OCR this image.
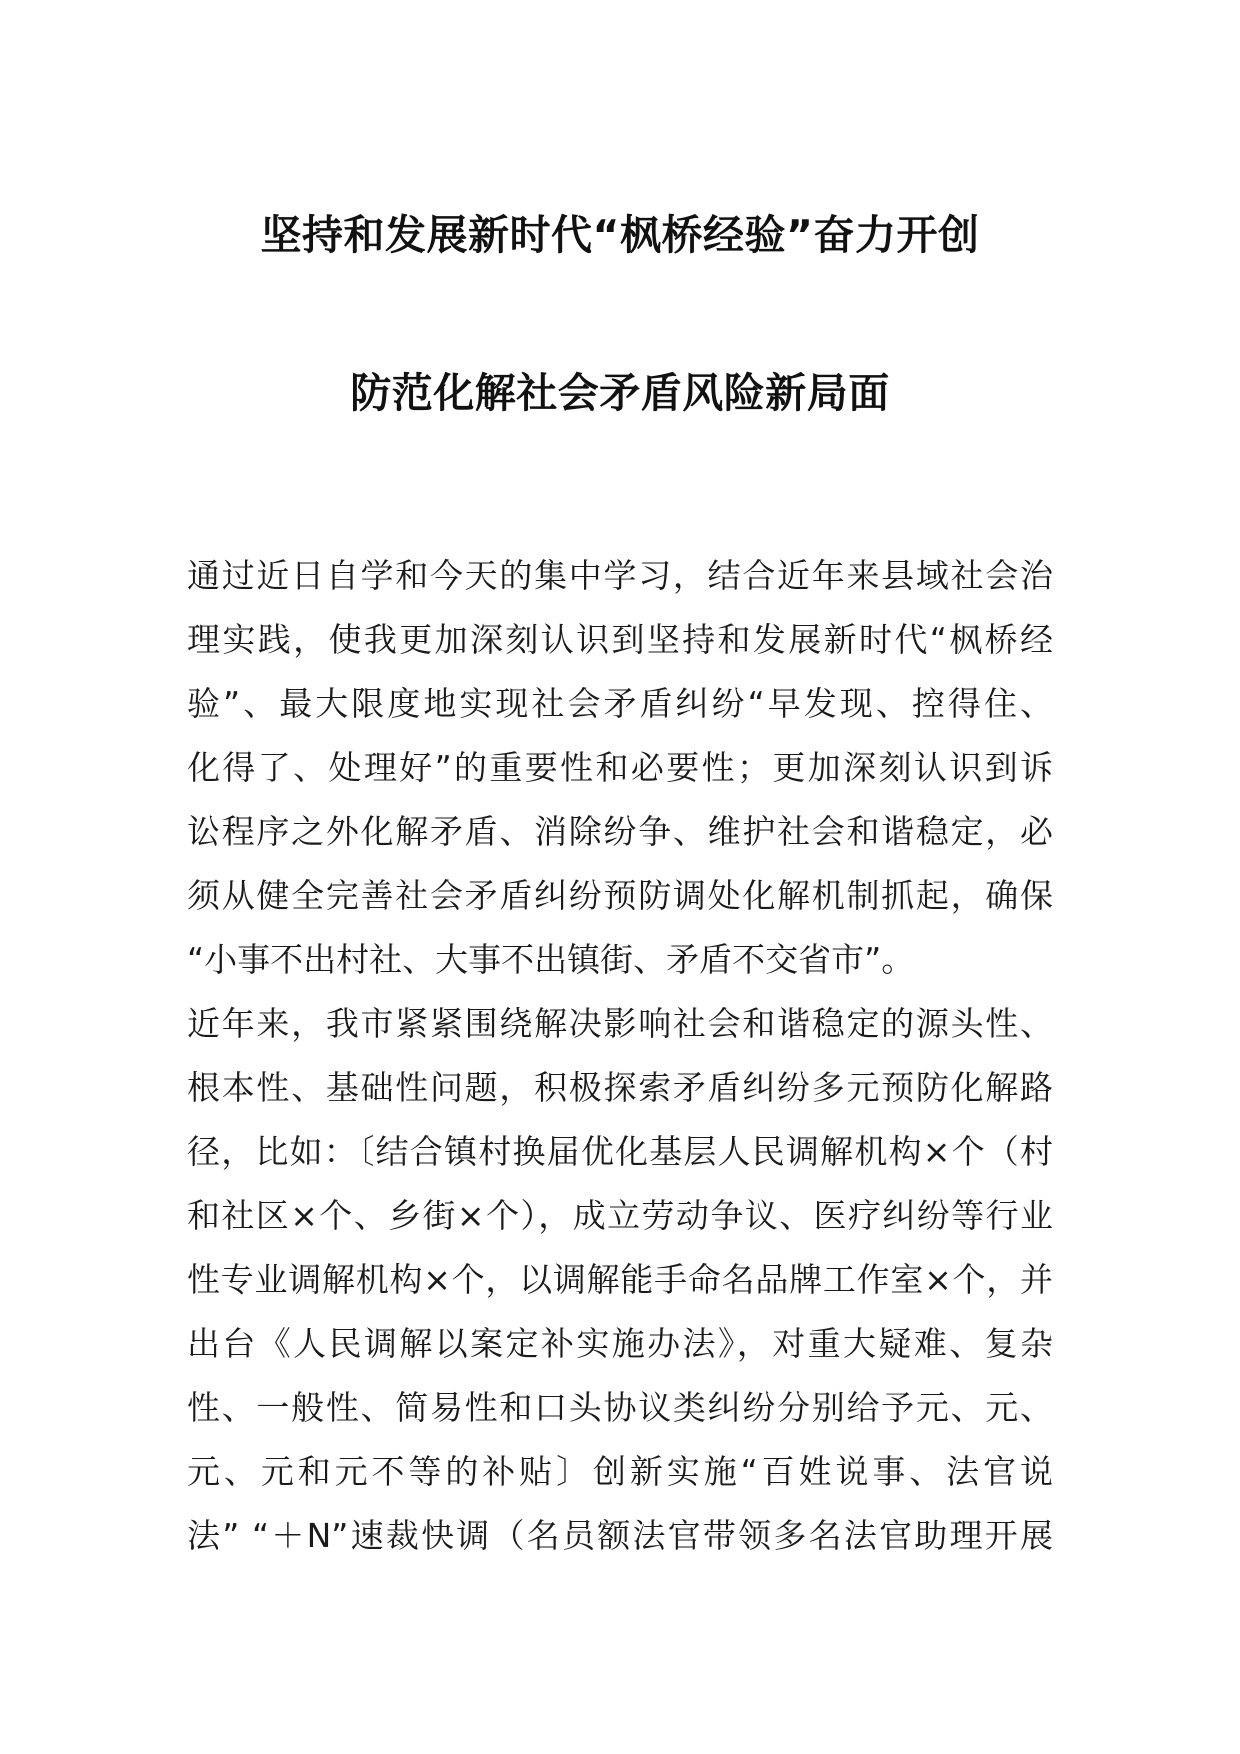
坚持和发展新时代“枫桥经验”奋力开创
防范化解社会矛盾风险新局面
通过近日自学和今天的集中学习，结合近年来县域社会治
理实践，使我更加深刻认识到坚持和发展新时代“枫桥经
验”、最大限度地实现社会矛盾纠纷“早发现、控得住、
化得了、处理好”的重要性和必要性；更加深刻认识到诉
讼程序之外化解矛盾、消除纷争、维护社会和谐稳定，必
须从健全完善社会矛盾纠纷预防调处化解机制抓起，确保
“小事不出村社、大事不出镇街、矛盾不交省市”。
近年来，我市紧紧围绕解决影响社会和谐稳定的源头性、
根本性、基础性问题，积极探索矛盾纠纷多元预防化解路
径，比如：〔结合镇村换届优化基层人民调解机构×个（村
和社区×个、乡街×个），成立劳动争议、医疗纠纷等行业
性专业调解机构×个，以调解能手命名品牌工作室×个，并
出台《人民调解以案定补实施办法》，对重大疑难、复杂
性、一般性、简易性和口头协议类纠纷分别给予元、元、
元、元和元不等的补贴〕创新实施“百姓说事、法官说
法” “＋N”速裁快调（名员额法官带领多名法官助理开展
